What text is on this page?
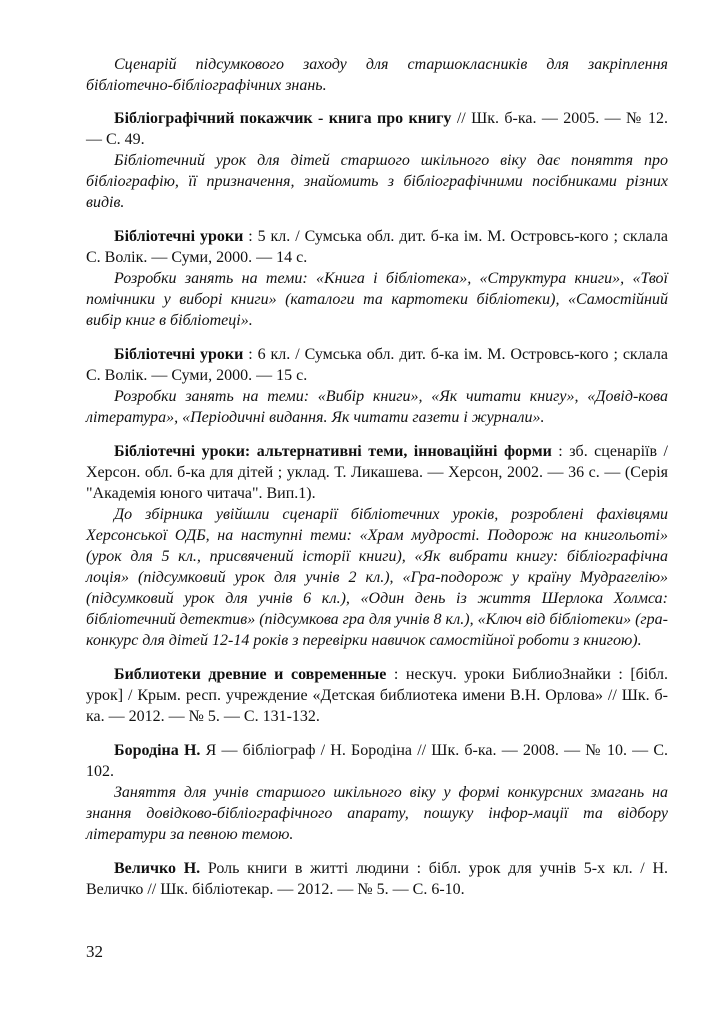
Сценарій підсумкового заходу для старшокласників для закріплення бібліотечно-бібліографічних знань.

Бібліографічний покажчик - книга про книгу // Шк. б-ка. — 2005. — № 12. — С. 49.

Бібліотечний урок для дітей старшого шкільного віку дає поняття про бібліографію, її призначення, знайомить з бібліографічними посібниками різних видів.

Бібліотечні уроки : 5 кл. / Сумська обл. дит. б-ка ім. М. Островсь-кого ; склала С. Волік. — Суми, 2000. — 14 с.

Розробки занять на теми: «Книга і бібліотека», «Структура книги», «Твої помічники у виборі книги» (каталоги та картотеки бібліотеки), «Самостійний вибір книг в бібліотеці».

Бібліотечні уроки : 6 кл. / Сумська обл. дит. б-ка ім. М. Островсь-кого ; склала С. Волік. — Суми, 2000. — 15 с.

Розробки занять на теми: «Вибір книги», «Як читати книгу», «Довід-кова література», «Періодичні видання. Як читати газети і журнали».

Бібліотечні уроки: альтернативні теми, інноваційні форми : зб. сценаріїв / Херсон. обл. б-ка для дітей ; уклад. Т. Ликашева. — Херсон, 2002. — 36 с. — (Серія "Академія юного читача". Вип.1).

До збірника увійшли сценарії бібліотечних уроків, розроблені фахівцями Херсонської ОДБ, на наступні теми: «Храм мудрості. Подорож на книгольоті» (урок для 5 кл., присвячений історії книги), «Як вибрати книгу: бібліографічна лоція» (підсумковий урок для учнів 2 кл.), «Гра-подорож у країну Мудрагелію» (підсумковий урок для учнів 6 кл.), «Один день із життя Шерлока Холмса: бібліотечний детектив» (підсумкова гра для учнів 8 кл.), «Ключ від бібліотеки» (гра-конкурс для дітей 12-14 років з перевірки навичок самостійної роботи з книгою).

Библиотеки древние и современные : нескуч. уроки БиблиоЗнайки : [бібл. урок] / Крым. респ. учреждение «Детская библиотека имени В.Н. Орлова» // Шк. б-ка. — 2012. — № 5. — С. 131-132.

Бородіна Н. Я — бібліограф / Н. Бородіна // Шк. б-ка. — 2008. — № 10. — С. 102.

Заняття для учнів старшого шкільного віку у формі конкурсних змагань на знання довідково-бібліографічного апарату, пошуку інфор-мації та відбору літератури за певною темою.

Величко Н. Роль книги в житті людини : бібл. урок для учнів 5-х кл. / Н. Величко // Шк. бібліотекар. — 2012. — № 5. — С. 6-10.

32
